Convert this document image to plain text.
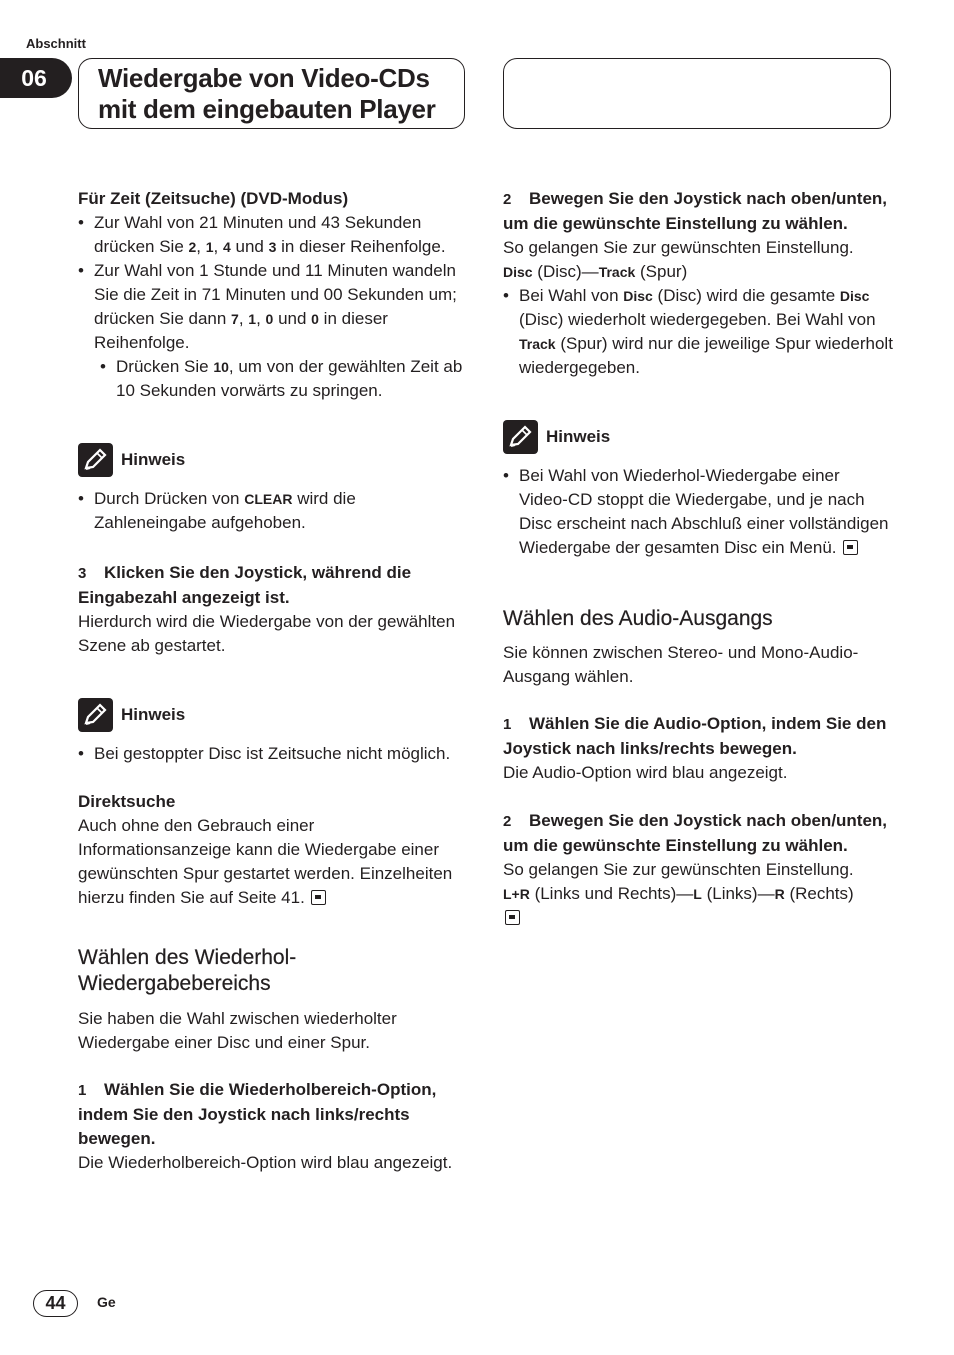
Abschnitt
06	Wiedergabe von Video-CDs
mit dem eingebauten Player
Für Zeit (Zeitsuche) (DVD-Modus)
• Zur Wahl von 21 Minuten und 43 Sekunden drücken Sie 2, 1, 4 und 3 in dieser Reihenfolge.
• Zur Wahl von 1 Stunde und 11 Minuten wandeln Sie die Zeit in 71 Minuten und 00 Sekunden um; drücken Sie dann 7, 1, 0 und 0 in dieser Reihenfolge.
• Drücken Sie 10, um von der gewählten Zeit ab 10 Sekunden vorwärts zu springen.
Hinweis
• Durch Drücken von CLEAR wird die Zahleneingabe aufgehoben.
3 Klicken Sie den Joystick, während die Eingabezahl angezeigt ist.
Hierdurch wird die Wiedergabe von der gewählten Szene ab gestartet.
Hinweis
• Bei gestoppter Disc ist Zeitsuche nicht möglich.
Direktsuche
Auch ohne den Gebrauch einer Informationsanzeige kann die Wiedergabe einer gewünschten Spur gestartet werden. Einzelheiten hierzu finden Sie auf Seite 41.
Wählen des Wiederhol-Wiedergabebereichs
Sie haben die Wahl zwischen wiederholter Wiedergabe einer Disc und einer Spur.
1 Wählen Sie die Wiederholbereich-Option, indem Sie den Joystick nach links/rechts bewegen.
Die Wiederholbereich-Option wird blau angezeigt.
2 Bewegen Sie den Joystick nach oben/unten, um die gewünschte Einstellung zu wählen.
So gelangen Sie zur gewünschten Einstellung.
Disc (Disc)—Track (Spur)
• Bei Wahl von Disc (Disc) wird die gesamte Disc (Disc) wiederholt wiedergegeben. Bei Wahl von Track (Spur) wird nur die jeweilige Spur wiederholt wiedergegeben.
Hinweis
• Bei Wahl von Wiederhol-Wiedergabe einer Video-CD stoppt die Wiedergabe, und je nach Disc erscheint nach Abschluß einer vollständigen Wiedergabe der gesamten Disc ein Menü.
Wählen des Audio-Ausgangs
Sie können zwischen Stereo- und Mono-Audio-Ausgang wählen.
1 Wählen Sie die Audio-Option, indem Sie den Joystick nach links/rechts bewegen.
Die Audio-Option wird blau angezeigt.
2 Bewegen Sie den Joystick nach oben/unten, um die gewünschte Einstellung zu wählen.
So gelangen Sie zur gewünschten Einstellung.
L+R (Links und Rechts)—L (Links)—R (Rechts)
44	Ge
